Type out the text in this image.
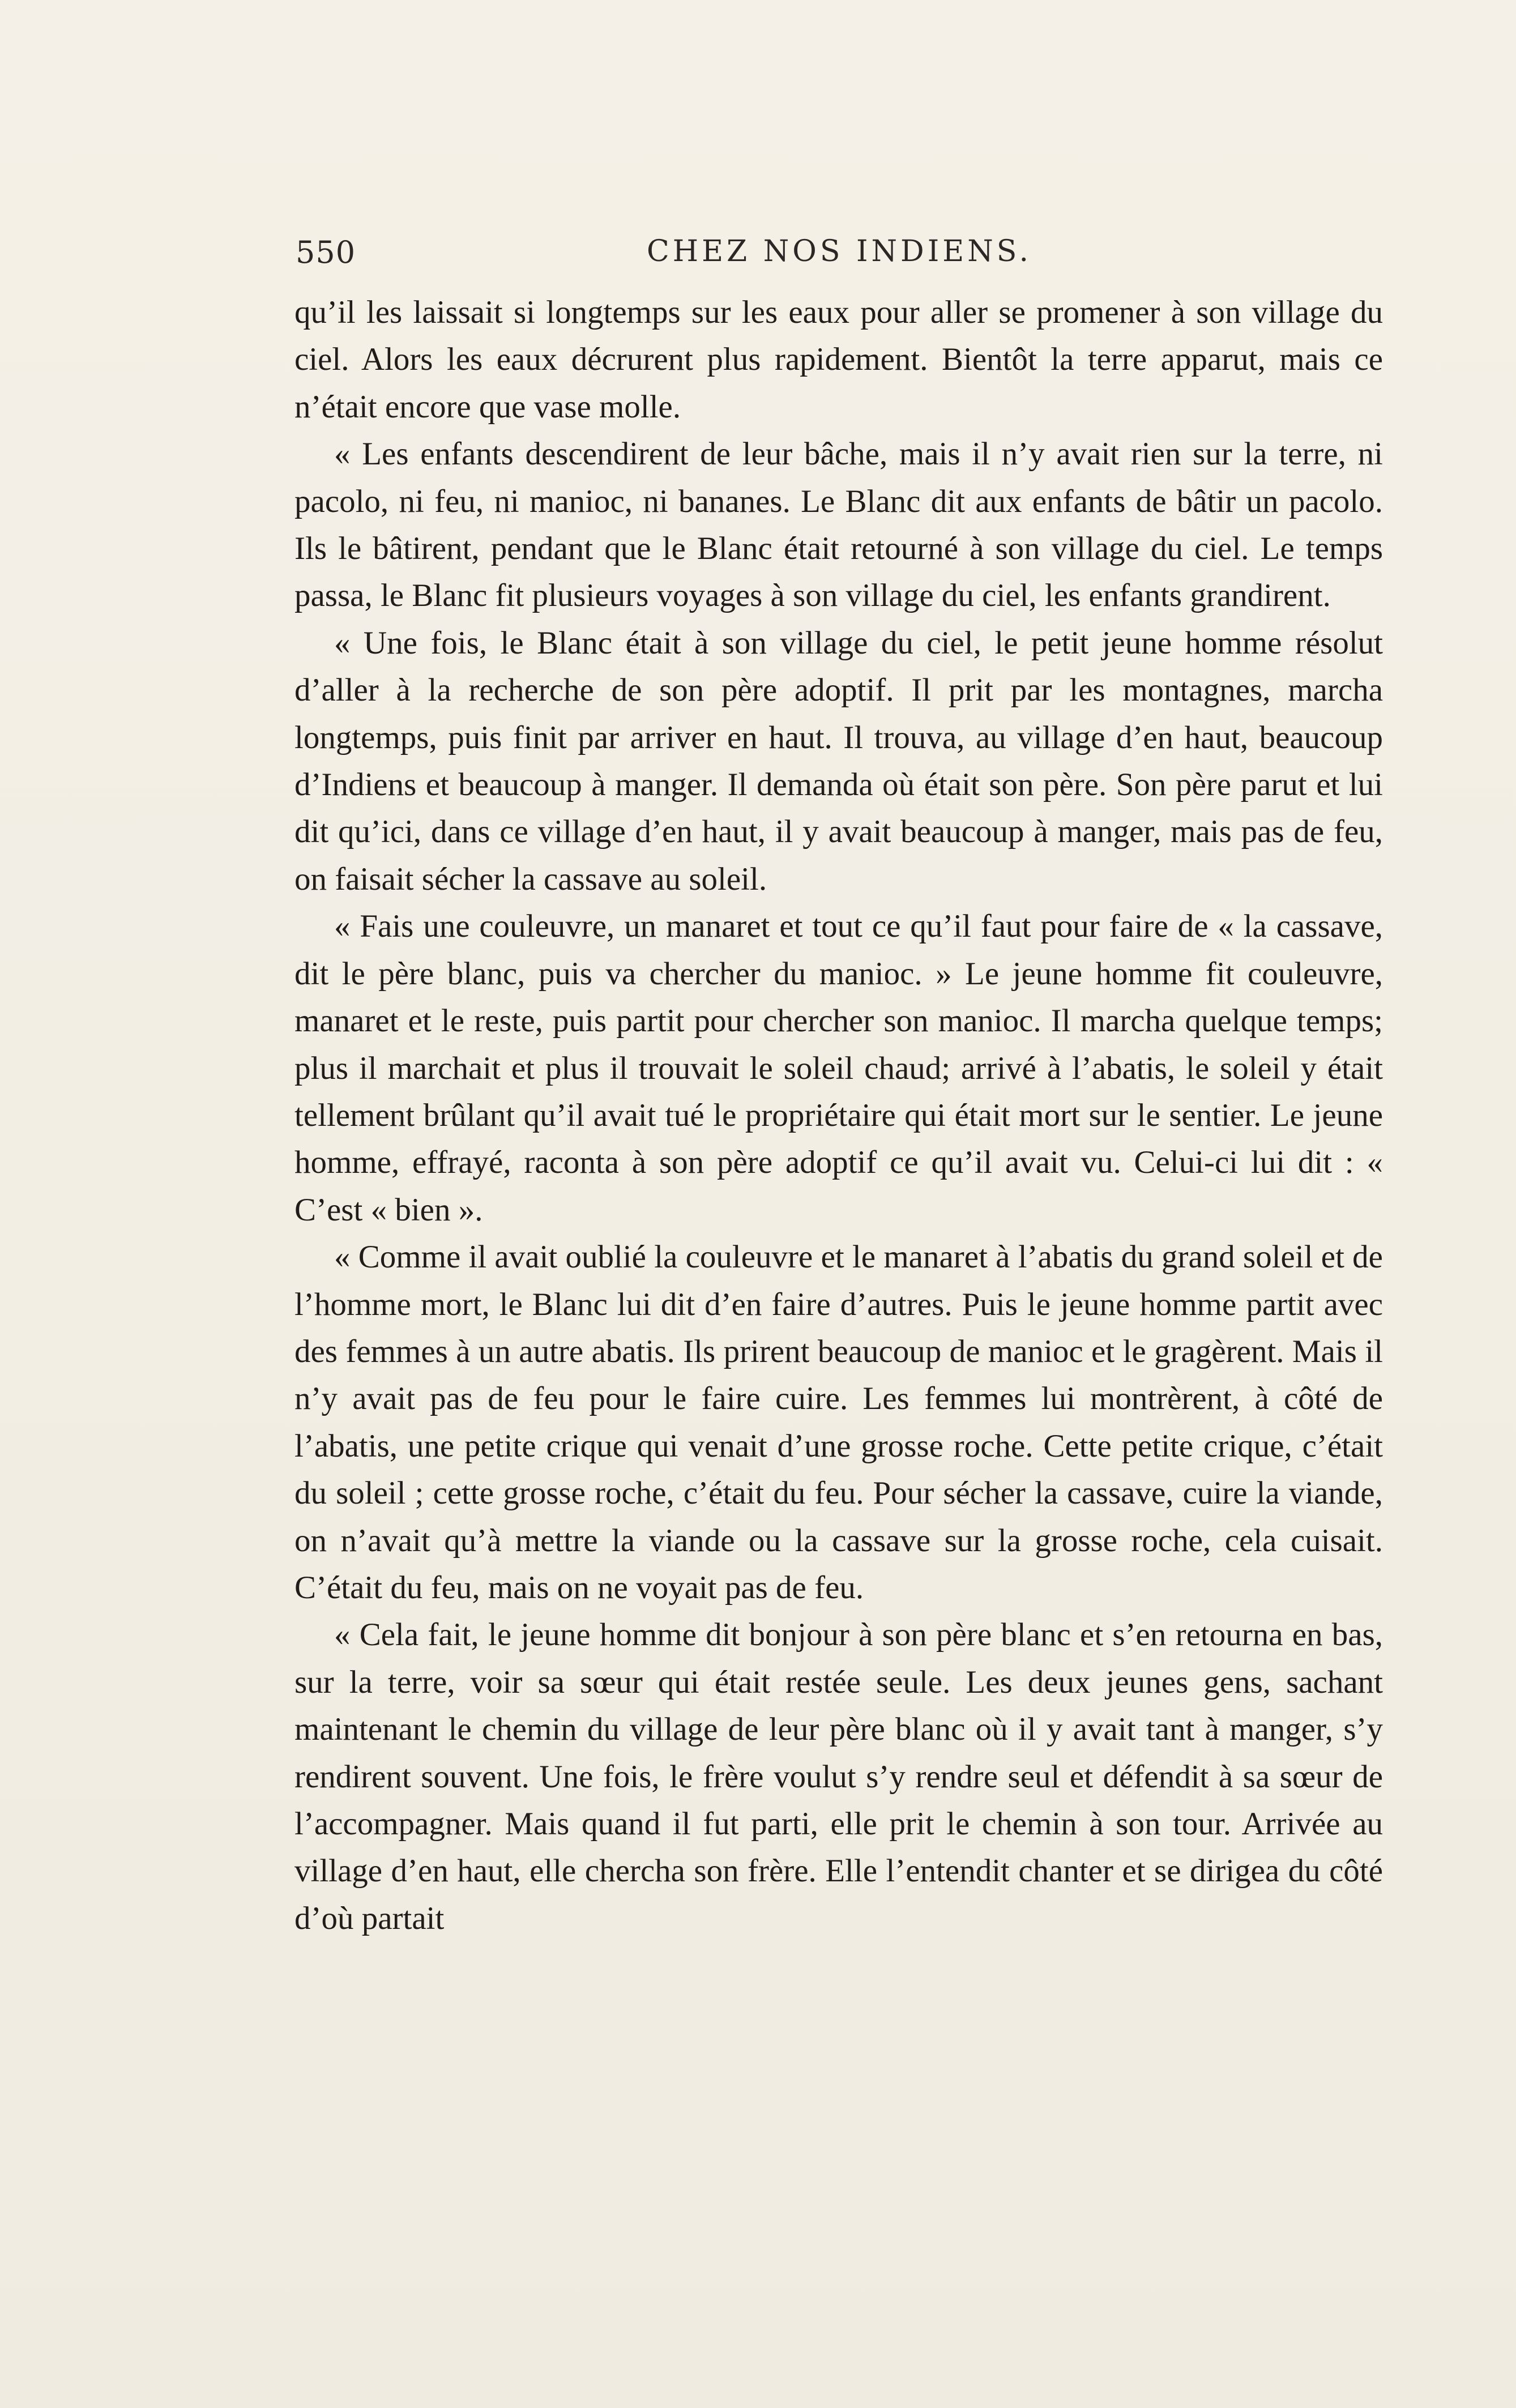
550	CHEZ NOS INDIENS.

qu’il les laissait si longtemps sur les eaux pour aller se promener à son village du ciel. Alors les eaux décrurent plus rapidement. Bientôt la terre apparut, mais ce n’était encore que vase molle.

« Les enfants descendirent de leur bâche, mais il n’y avait rien sur la terre, ni pacolo, ni feu, ni manioc, ni bananes. Le Blanc dit aux enfants de bâtir un pacolo. Ils le bâtirent, pendant que le Blanc était retourné à son village du ciel. Le temps passa, le Blanc fit plusieurs voyages à son village du ciel, les enfants grandirent.

« Une fois, le Blanc était à son village du ciel, le petit jeune homme résolut d’aller à la recherche de son père adoptif. Il prit par les montagnes, marcha longtemps, puis finit par arriver en haut. Il trouva, au village d’en haut, beaucoup d’Indiens et beaucoup à manger. Il demanda où était son père. Son père parut et lui dit qu’ici, dans ce village d’en haut, il y avait beaucoup à manger, mais pas de feu, on faisait sécher la cassave au soleil.

« Fais une couleuvre, un manaret et tout ce qu’il faut pour faire de « la cassave, dit le père blanc, puis va chercher du manioc. » Le jeune homme fit couleuvre, manaret et le reste, puis partit pour chercher son manioc. Il marcha quelque temps; plus il marchait et plus il trouvait le soleil chaud; arrivé à l’abatis, le soleil y était tellement brûlant qu’il avait tué le propriétaire qui était mort sur le sentier. Le jeune homme, effrayé, raconta à son père adoptif ce qu’il avait vu. Celui-ci lui dit : « C’est « bien ».

« Comme il avait oublié la couleuvre et le manaret à l’abatis du grand soleil et de l’homme mort, le Blanc lui dit d’en faire d’autres. Puis le jeune homme partit avec des femmes à un autre abatis. Ils prirent beaucoup de manioc et le gragèrent. Mais il n’y avait pas de feu pour le faire cuire. Les femmes lui montrèrent, à côté de l’abatis, une petite crique qui venait d’une grosse roche. Cette petite crique, c’était du soleil ; cette grosse roche, c’était du feu. Pour sécher la cassave, cuire la viande, on n’avait qu’à mettre la viande ou la cassave sur la grosse roche, cela cuisait. C’était du feu, mais on ne voyait pas de feu.

« Cela fait, le jeune homme dit bonjour à son père blanc et s’en retourna en bas, sur la terre, voir sa sœur qui était restée seule. Les deux jeunes gens, sachant maintenant le chemin du village de leur père blanc où il y avait tant à manger, s’y rendirent souvent. Une fois, le frère voulut s’y rendre seul et défendit à sa sœur de l’accompagner. Mais quand il fut parti, elle prit le chemin à son tour. Arrivée au village d’en haut, elle chercha son frère. Elle l’entendit chanter et se dirigea du côté d’où partait
